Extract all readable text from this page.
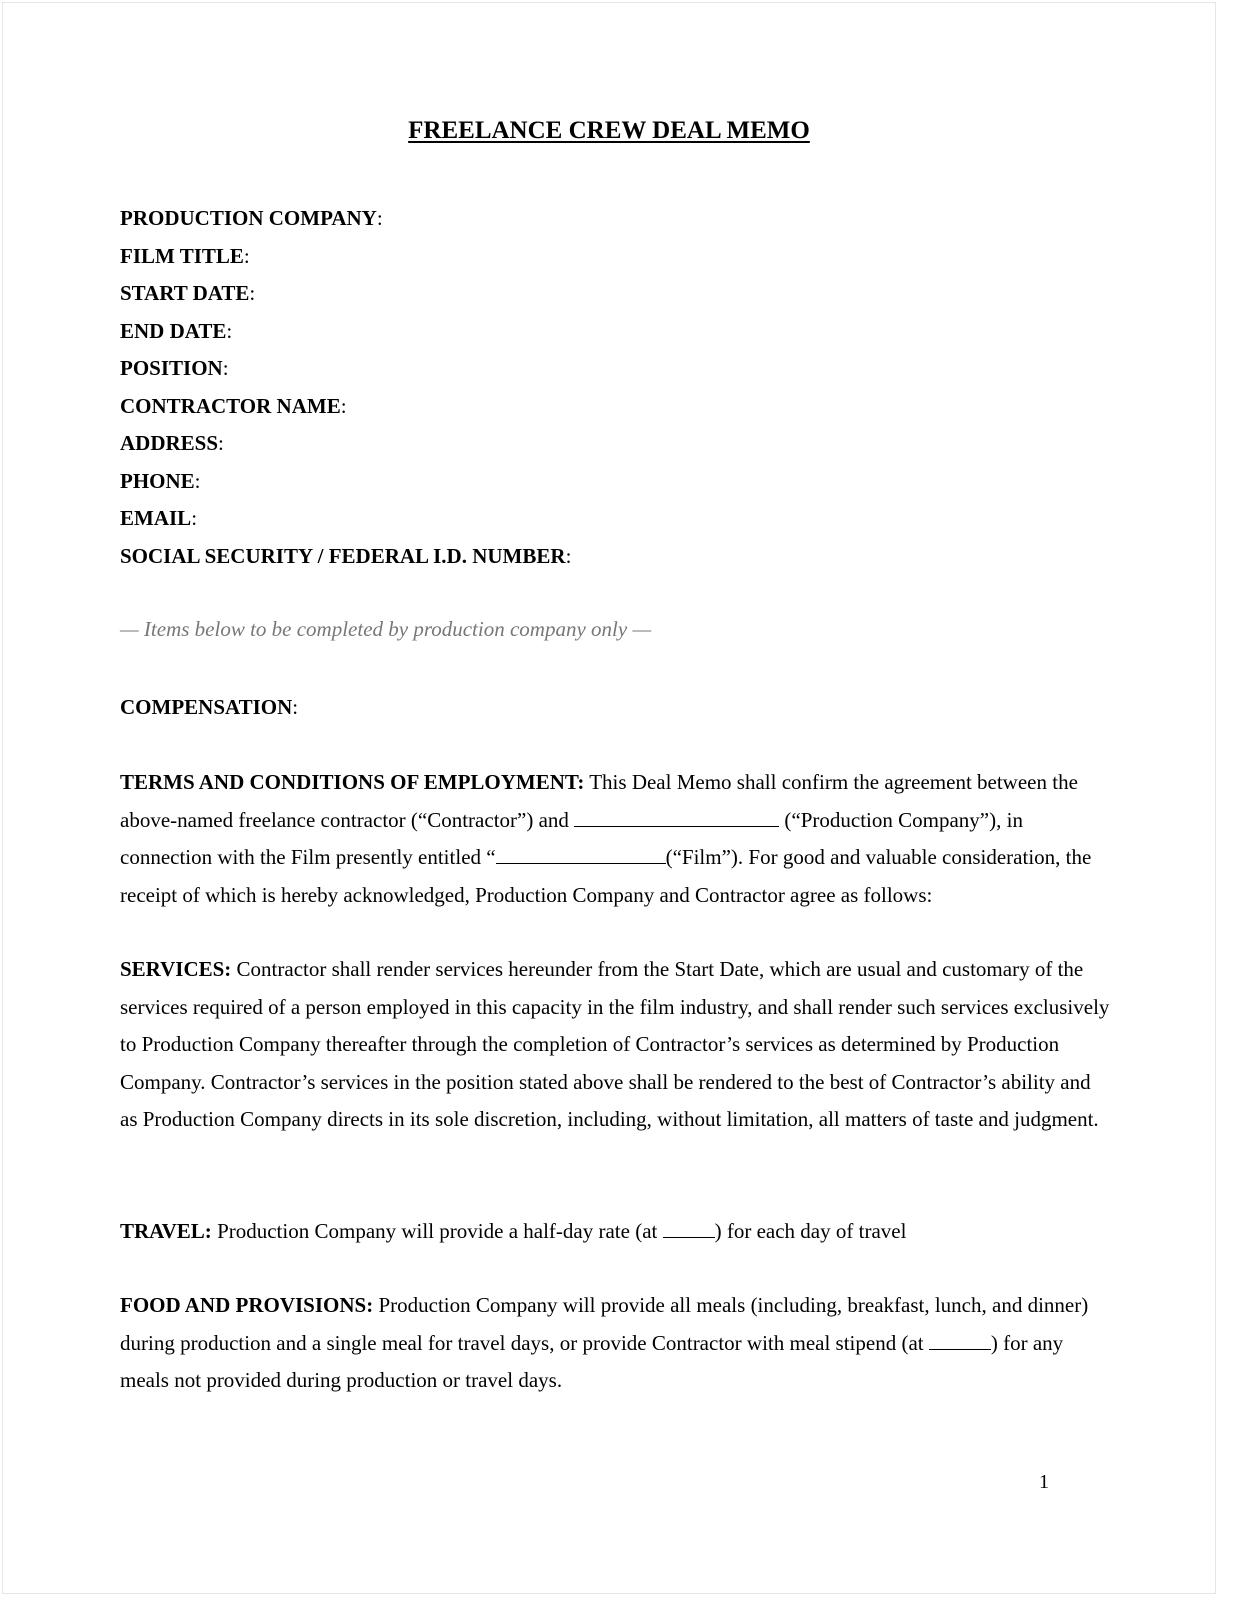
FREELANCE CREW DEAL MEMO
PRODUCTION COMPANY:
FILM TITLE:
START DATE:
END DATE:
POSITION:
CONTRACTOR NAME:
ADDRESS:
PHONE:
EMAIL:
SOCIAL SECURITY / FEDERAL I.D. NUMBER:
— Items below to be completed by production company only —
COMPENSATION:
TERMS AND CONDITIONS OF EMPLOYMENT: This Deal Memo shall confirm the agreement between the above-named freelance contractor (“Contractor”) and	(“Production Company”), in connection with the Film presently entitled “	(“Film”). For good and valuable consideration, the receipt of which is hereby acknowledged, Production Company and Contractor agree as follows:
SERVICES: Contractor shall render services hereunder from the Start Date, which are usual and customary of the services required of a person employed in this capacity in the film industry, and shall render such services exclusively to Production Company thereafter through the completion of Contractor’s services as determined by Production Company. Contractor’s services in the position stated above shall be rendered to the best of Contractor’s ability and as Production Company directs in its sole discretion, including, without limitation, all matters of taste and judgment.
TRAVEL: Production Company will provide a half-day rate (at ) for each day of travel
FOOD AND PROVISIONS: Production Company will provide all meals (including, breakfast, lunch, and dinner) during production and a single meal for travel days, or provide Contractor with meal stipend (at	) for any meals not provided during production or travel days.
1
